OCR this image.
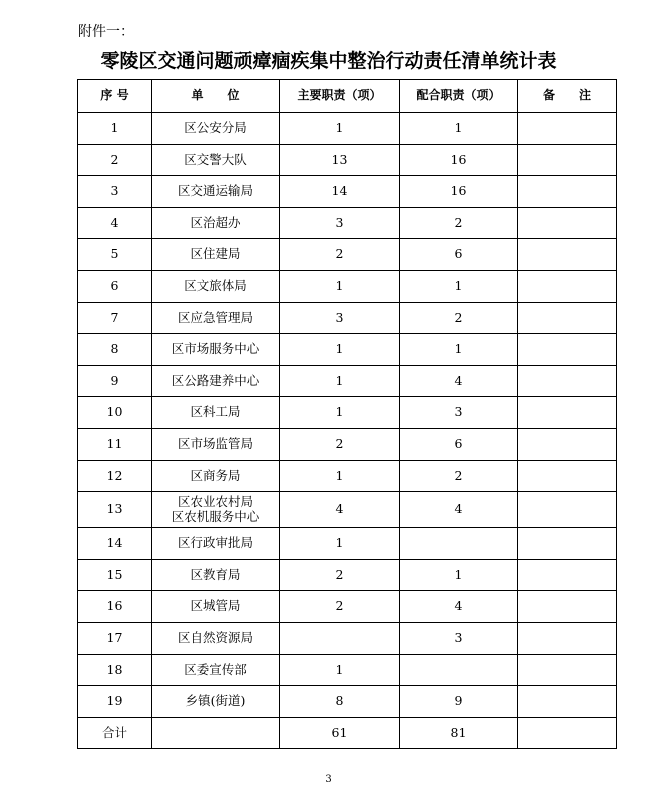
附件一：
零陵区交通问题顽瘴痼疾集中整治行动责任清单统计表
序 号	单　　位	主要职责（项）	配合职责（项）	备　　注
1	区公安分局	1	1	
2	区交警大队	13	16	
3	区交通运输局	14	16	
4	区治超办	3	2	
5	区住建局	2	6	
6	区文旅体局	1	1	
7	区应急管理局	3	2	
8	区市场服务中心	1	1	
9	区公路建养中心	1	4	
10	区科工局	1	3	
11	区市场监管局	2	6	
12	区商务局	1	2	
13	区农业农村局
区农机服务中心	4	4	
14	区行政审批局	1		
15	区教育局	2	1	
16	区城管局	2	4	
17	区自然资源局		3	
18	区委宣传部	1		
19	乡镇(街道)	8	9	
合计		61	81	
3
